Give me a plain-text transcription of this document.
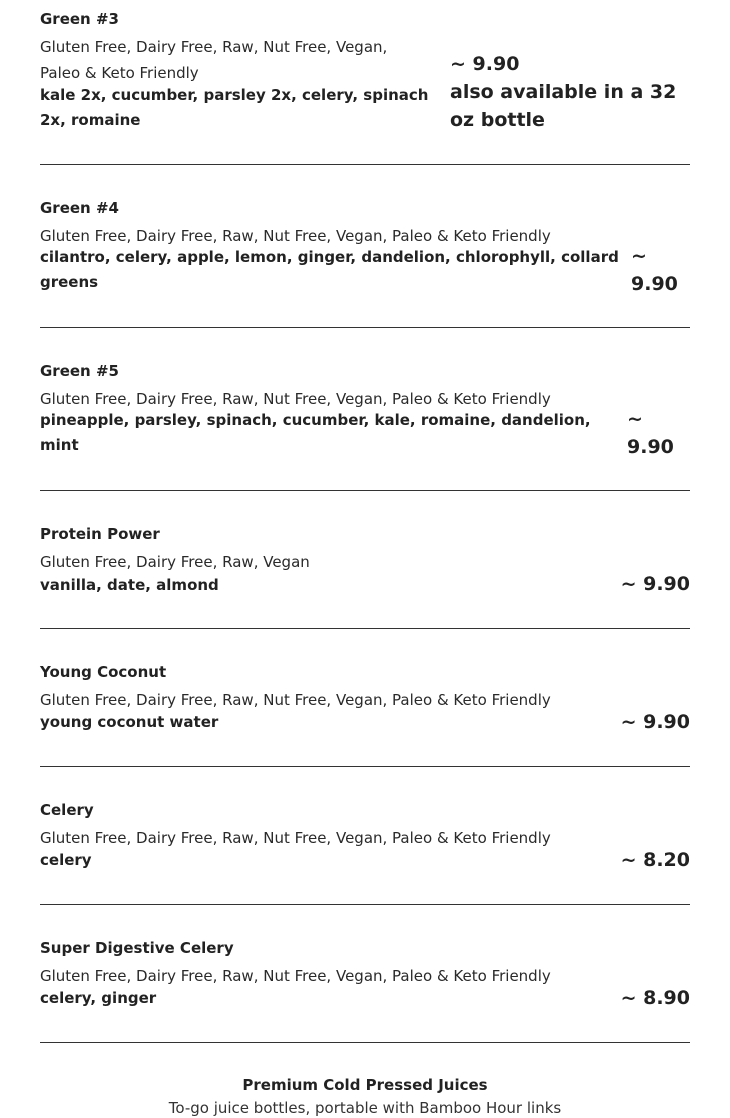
Green #3
Gluten Free, Dairy Free, Raw, Nut Free, Vegan, Paleo & Keto Friendly
kale 2x, cucumber, parsley 2x, celery, spinach 2x, romaine
~ 9.90
also available in a 32 oz bottle
Green #4
Gluten Free, Dairy Free, Raw, Nut Free, Vegan, Paleo & Keto Friendly
cilantro, celery, apple, lemon, ginger, dandelion, chlorophyll, collard greens
~ 9.90
Green #5
Gluten Free, Dairy Free, Raw, Nut Free, Vegan, Paleo & Keto Friendly
pineapple, parsley, spinach, cucumber, kale, romaine, dandelion, mint
~ 9.90
Protein Power
Gluten Free, Dairy Free, Raw, Vegan
vanilla, date, almond	~ 9.90
Young Coconut
Gluten Free, Dairy Free, Raw, Nut Free, Vegan, Paleo & Keto Friendly
young coconut water	~ 9.90
Celery
Gluten Free, Dairy Free, Raw, Nut Free, Vegan, Paleo & Keto Friendly
celery	~ 8.20
Super Digestive Celery
Gluten Free, Dairy Free, Raw, Nut Free, Vegan, Paleo & Keto Friendly
celery, ginger	~ 8.90
Premium Cold Pressed Juices
To-go juice bottles, portable with Bamboo Hour links
